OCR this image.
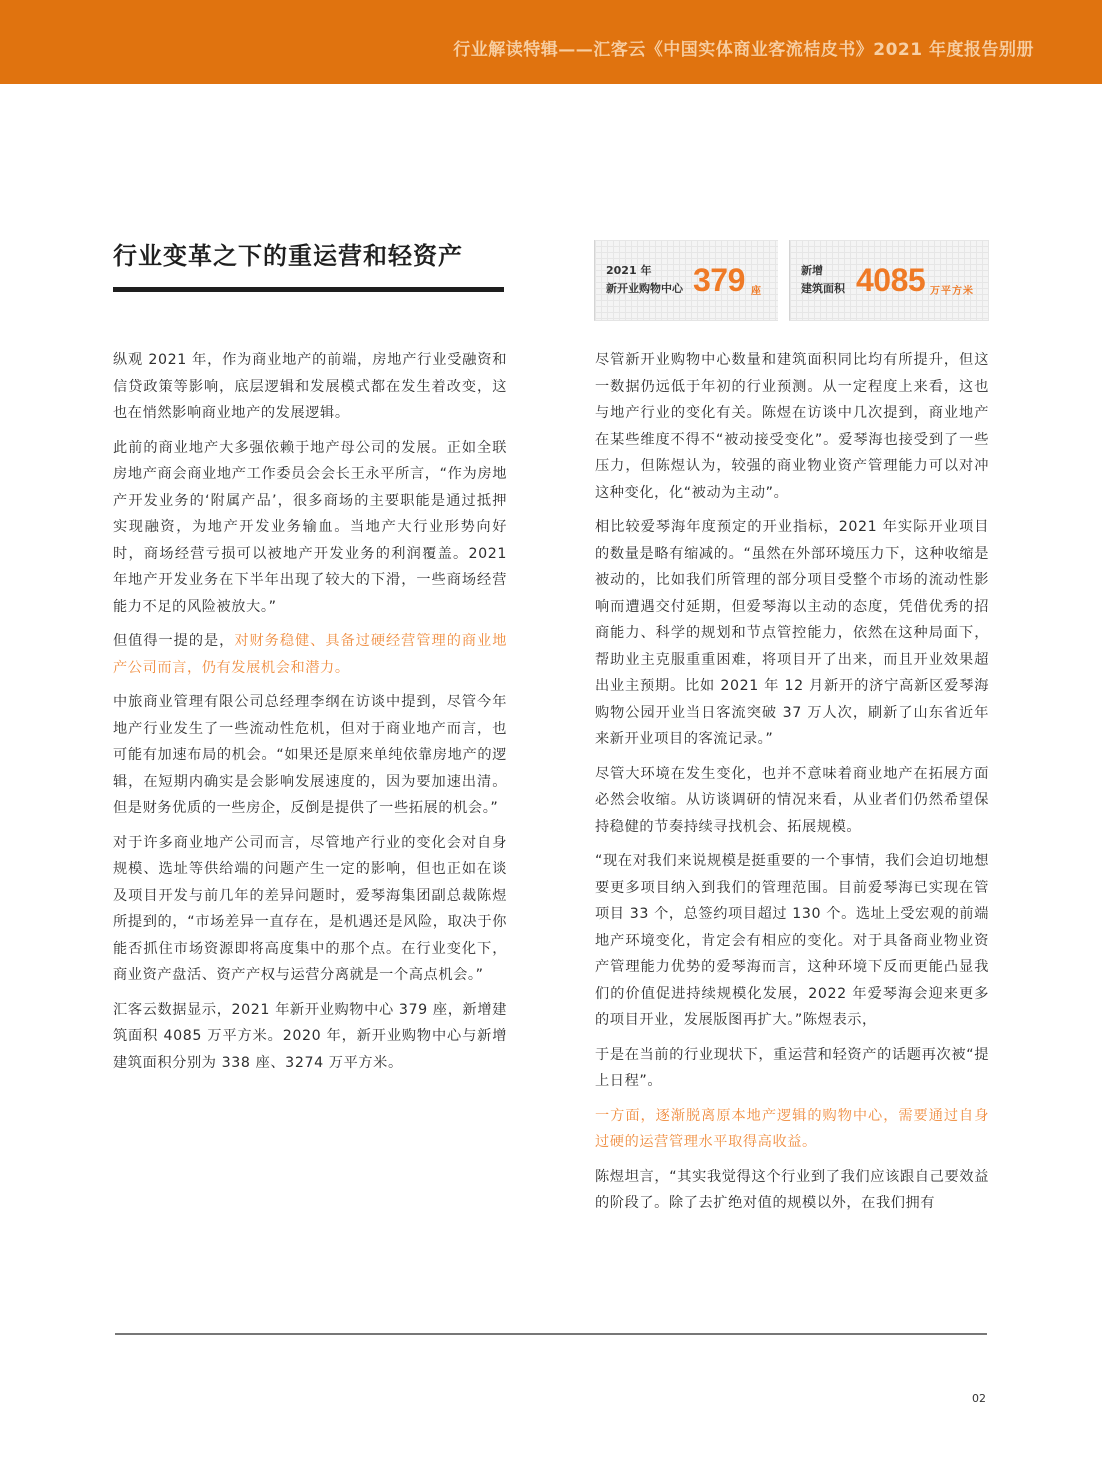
行业解读特辑——汇客云《中国实体商业客流桔皮书》2021 年度报告别册
行业变革之下的重运营和轻资产
2021 年
新开业购物中心 379 座
新增
建筑面积 4085 万平方米

纵观 2021 年，作为商业地产的前端，房地产行业受融资和信贷政策等影响，底层逻辑和发展模式都在发生着改变，这也在悄然影响商业地产的发展逻辑。

此前的商业地产大多强依赖于地产母公司的发展。正如全联房地产商会商业地产工作委员会会长王永平所言，“作为房地产开发业务的‘附属产品’，很多商场的主要职能是通过抵押实现融资，为地产开发业务输血。当地产大行业形势向好时，商场经营亏损可以被地产开发业务的利润覆盖。2021 年地产开发业务在下半年出现了较大的下滑，一些商场经营能力不足的风险被放大。”

但值得一提的是，对财务稳健、具备过硬经营管理的商业地产公司而言，仍有发展机会和潜力。

中旅商业管理有限公司总经理李纲在访谈中提到，尽管今年地产行业发生了一些流动性危机，但对于商业地产而言，也可能有加速布局的机会。“如果还是原来单纯依靠房地产的逻辑，在短期内确实是会影响发展速度的，因为要加速出清。但是财务优质的一些房企，反倒是提供了一些拓展的机会。”

对于许多商业地产公司而言，尽管地产行业的变化会对自身规模、选址等供给端的问题产生一定的影响，但也正如在谈及项目开发与前几年的差异问题时，爱琴海集团副总裁陈煜所提到的，“市场差异一直存在，是机遇还是风险，取决于你能否抓住市场资源即将高度集中的那个点。在行业变化下，商业资产盘活、资产产权与运营分离就是一个高点机会。”

汇客云数据显示，2021 年新开业购物中心 379 座，新增建筑面积 4085 万平方米。2020 年，新开业购物中心与新增建筑面积分别为 338 座、3274 万平方米。

尽管新开业购物中心数量和建筑面积同比均有所提升，但这一数据仍远低于年初的行业预测。从一定程度上来看，这也与地产行业的变化有关。陈煜在访谈中几次提到，商业地产在某些维度不得不“被动接受变化”。爱琴海也接受到了一些压力，但陈煜认为，较强的商业物业资产管理能力可以对冲这种变化，化“被动为主动”。

相比较爱琴海年度预定的开业指标，2021 年实际开业项目的数量是略有缩减的。“虽然在外部环境压力下，这种收缩是被动的，比如我们所管理的部分项目受整个市场的流动性影响而遭遇交付延期，但爱琴海以主动的态度，凭借优秀的招商能力、科学的规划和节点管控能力，依然在这种局面下，帮助业主克服重重困难，将项目开了出来，而且开业效果超出业主预期。比如 2021 年 12 月新开的济宁高新区爱琴海购物公园开业当日客流突破 37 万人次，刷新了山东省近年来新开业项目的客流记录。”

尽管大环境在发生变化，也并不意味着商业地产在拓展方面必然会收缩。从访谈调研的情况来看，从业者们仍然希望保持稳健的节奏持续寻找机会、拓展规模。

“现在对我们来说规模是挺重要的一个事情，我们会迫切地想要更多项目纳入到我们的管理范围。目前爱琴海已实现在管项目 33 个，总签约项目超过 130 个。选址上受宏观的前端地产环境变化，肯定会有相应的变化。对于具备商业物业资产管理能力优势的爱琴海而言，这种环境下反而更能凸显我们的价值促进持续规模化发展，2022 年爱琴海会迎来更多的项目开业，发展版图再扩大。”陈煜表示，

于是在当前的行业现状下，重运营和轻资产的话题再次被“提上日程”。

一方面，逐渐脱离原本地产逻辑的购物中心，需要通过自身过硬的运营管理水平取得高收益。

陈煜坦言，“其实我觉得这个行业到了我们应该跟自己要效益的阶段了。除了去扩绝对值的规模以外，在我们拥有

02
